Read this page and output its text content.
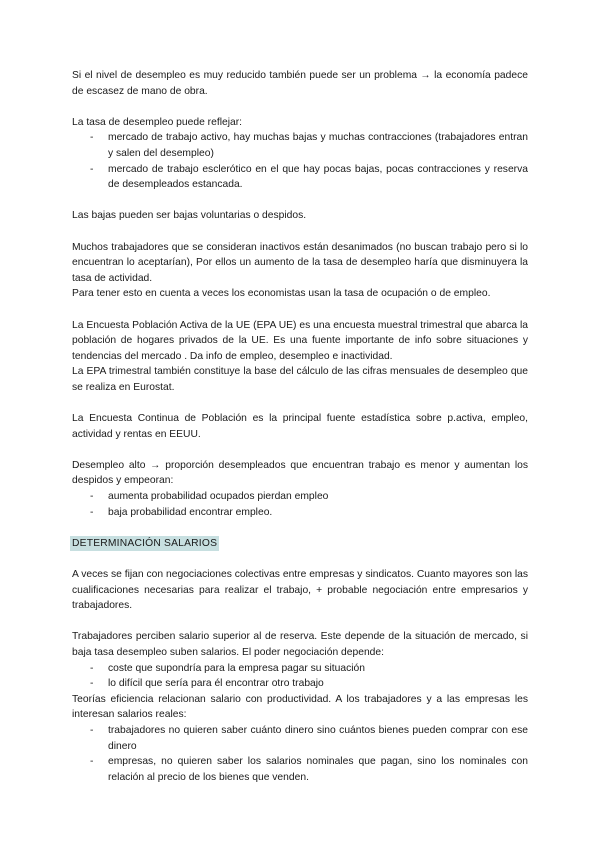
Si el nivel de desempleo es muy reducido también puede ser un problema → la economía padece de escasez de mano de obra.

La tasa de desempleo puede reflejar:

- mercado de trabajo activo, hay muchas bajas y muchas contracciones (trabajadores entran y salen del desempleo)
- mercado de trabajo esclerótico en el que hay pocas bajas, pocas contracciones y reserva de desempleados estancada.

Las bajas pueden ser bajas voluntarias o despidos.

Muchos trabajadores que se consideran inactivos están desanimados (no buscan trabajo pero si lo encuentran lo aceptarían), Por ellos un aumento de la tasa de desempleo haría que disminuyera la tasa de actividad.

Para tener esto en cuenta a veces los economistas usan la tasa de ocupación o de empleo.

La Encuesta Población Activa de la UE (EPA UE) es una encuesta muestral trimestral que abarca la población de hogares privados de la UE. Es una fuente importante de info sobre situaciones y tendencias del mercado . Da info de empleo, desempleo e inactividad.

La EPA trimestral también constituye la base del cálculo de las cifras mensuales de desempleo que se realiza en Eurostat.

La Encuesta Continua de Población es la principal fuente estadística sobre p.activa, empleo, actividad y rentas en EEUU.

Desempleo alto → proporción desempleados que encuentran trabajo es menor y aumentan los despidos y empeoran:

- aumenta probabilidad ocupados pierdan empleo
- baja probabilidad encontrar empleo.

DETERMINACIÓN SALARIOS

A veces se fijan con negociaciones colectivas entre empresas y sindicatos. Cuanto mayores son las cualificaciones necesarias para realizar el trabajo, + probable negociación entre empresarios y trabajadores.

Trabajadores perciben salario superior al de reserva. Este depende de la situación de mercado, si baja tasa desempleo suben salarios. El poder negociación depende:

- coste que supondría para la empresa pagar su situación
- lo difícil que sería para él encontrar otro trabajo

Teorías eficiencia relacionan salario con productividad. A los trabajadores y a las empresas les interesan salarios reales:

- trabajadores no quieren saber cuánto dinero sino cuántos bienes pueden comprar con ese dinero
- empresas, no quieren saber los salarios nominales que pagan, sino los nominales con relación al precio de los bienes que venden.
